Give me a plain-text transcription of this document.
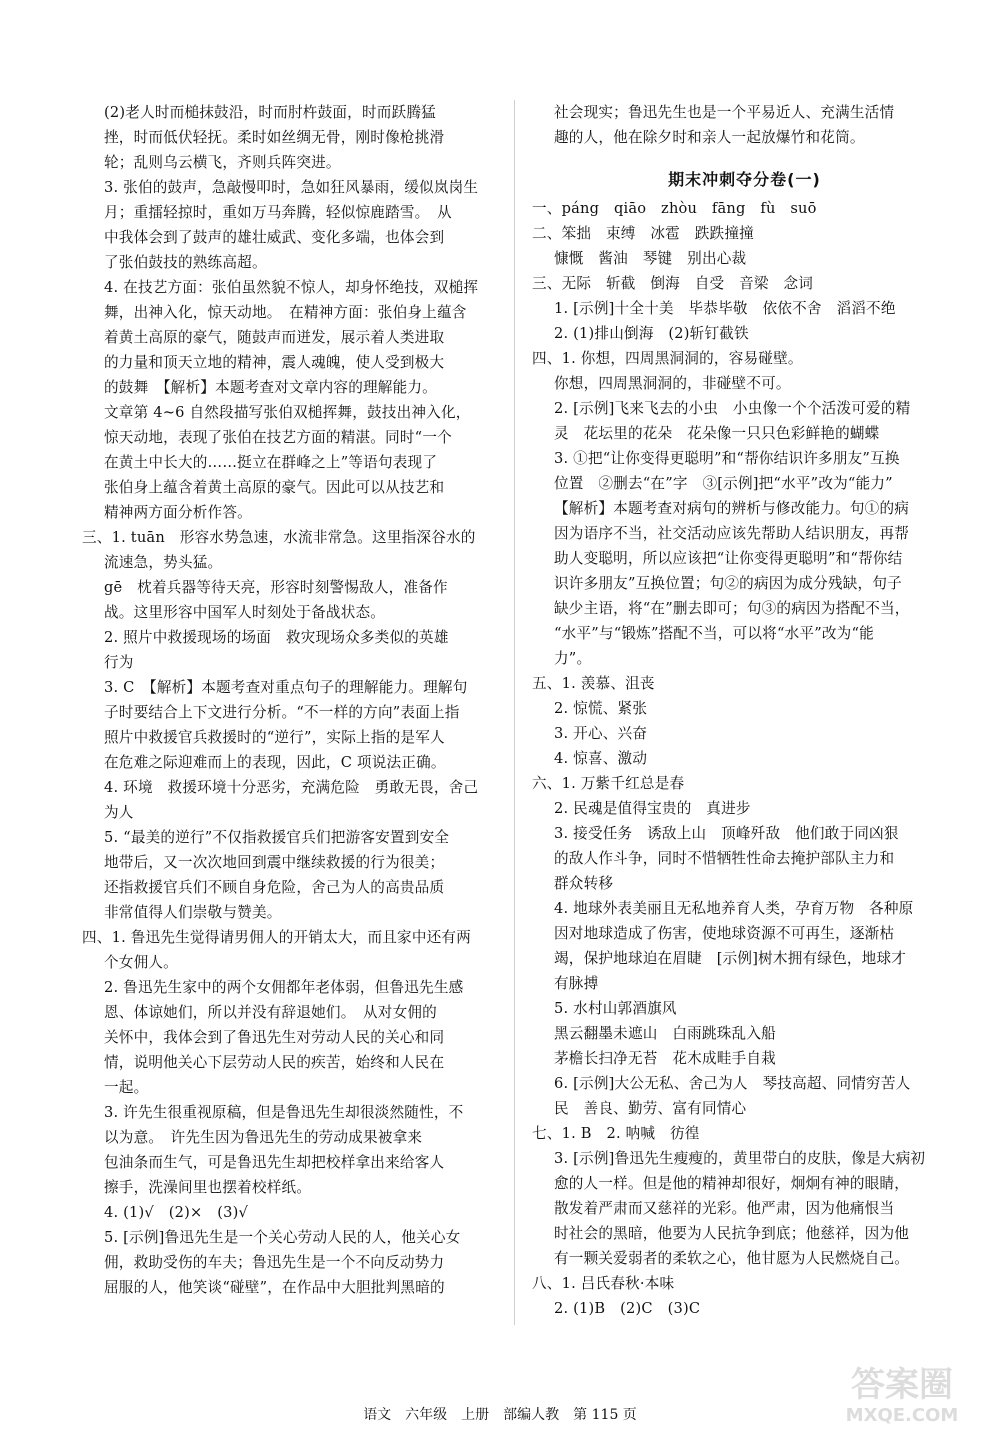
(2)老人时而槌抹鼓沿，时而肘杵鼓面，时而跃腾猛
挫，时而低伏轻抚。柔时如丝绸无骨，刚时像枪挑滑
轮；乱则乌云横飞，齐则兵阵突进。
3. 张伯的鼓声，急敲慢叩时，急如狂风暴雨，缓似岚岗生
月；重擂轻掠时，重如万马奔腾，轻似惊鹿踏雪。　从
中我体会到了鼓声的雄壮威武、变化多端，也体会到
了张伯鼓技的熟练高超。
4. 在技艺方面：张伯虽然貌不惊人，却身怀绝技，双槌挥
舞，出神入化，惊天动地。　在精神方面：张伯身上蕴含
着黄土高原的豪气，随鼓声而迸发，展示着人类进取
的力量和顶天立地的精神，震人魂魄，使人受到极大
的鼓舞　【解析】本题考查对文章内容的理解能力。
文章第 4~6 自然段描写张伯双槌挥舞，鼓技出神入化，
惊天动地，表现了张伯在技艺方面的精湛。同时“一个
在黄土中长大的……挺立在群峰之上”等语句表现了
张伯身上蕴含着黄土高原的豪气。因此可以从技艺和
精神两方面分析作答。
三、1. tuān　形容水势急速，水流非常急。这里指深谷水的
流速急，势头猛。
gē　枕着兵器等待天亮，形容时刻警惕敌人，准备作
战。这里形容中国军人时刻处于备战状态。
2. 照片中救援现场的场面　救灾现场众多类似的英雄
行为
3. C　【解析】本题考查对重点句子的理解能力。理解句
子时要结合上下文进行分析。“不一样的方向”表面上指
照片中救援官兵救援时的“逆行”，实际上指的是军人
在危难之际迎难而上的表现，因此，C 项说法正确。
4. 环境　救援环境十分恶劣，充满危险　勇敢无畏，舍己
为人
5. “最美的逆行”不仅指救援官兵们把游客安置到安全
地带后，又一次次地回到震中继续救援的行为很美；
还指救援官兵们不顾自身危险，舍己为人的高贵品质
非常值得人们崇敬与赞美。
四、1. 鲁迅先生觉得请男佣人的开销太大，而且家中还有两
个女佣人。
2. 鲁迅先生家中的两个女佣都年老体弱，但鲁迅先生感
恩、体谅她们，所以并没有辞退她们。　从对女佣的
关怀中，我体会到了鲁迅先生对劳动人民的关心和同
情，说明他关心下层劳动人民的疾苦，始终和人民在
一起。
3. 许先生很重视原稿，但是鲁迅先生却很淡然随性，不
以为意。　许先生因为鲁迅先生的劳动成果被拿来
包油条而生气，可是鲁迅先生却把校样拿出来给客人
擦手，洗澡间里也摆着校样纸。
4. (1)√　(2)×　(3)√
5. [示例]鲁迅先生是一个关心劳动人民的人，他关心女
佣，救助受伤的车夫；鲁迅先生是一个不向反动势力
屈服的人，他笑谈“碰壁”，在作品中大胆批判黑暗的
社会现实；鲁迅先生也是一个平易近人、充满生活情
趣的人，他在除夕时和亲人一起放爆竹和花筒。
期末冲刺夺分卷(一)
一、páng　qiāo　zhòu　fāng　fù　suō
二、笨拙　束缚　冰雹　跌跌撞撞
慷慨　酱油　琴键　别出心裁
三、无际　斩截　倒海　自受　音梁　念词
1. [示例]十全十美　毕恭毕敬　依依不舍　滔滔不绝
2. (1)排山倒海　(2)斩钉截铁
四、1. 你想，四周黑洞洞的，容易碰壁。
你想，四周黑洞洞的，非碰壁不可。
2. [示例]飞来飞去的小虫　小虫像一个个活泼可爱的精
灵　花坛里的花朵　花朵像一只只色彩鲜艳的蝴蝶
3. ①把“让你变得更聪明”和“帮你结识许多朋友”互换
位置　②删去“在”字　③[示例]把“水平”改为“能力”
【解析】本题考查对病句的辨析与修改能力。句①的病
因为语序不当，社交活动应该先帮助人结识朋友，再帮
助人变聪明，所以应该把“让你变得更聪明”和“帮你结
识许多朋友”互换位置；句②的病因为成分残缺，句子
缺少主语，将“在”删去即可；句③的病因为搭配不当，
“水平”与“锻炼”搭配不当，可以将“水平”改为“能
力”。
五、1. 羡慕、沮丧
2. 惊慌、紧张
3. 开心、兴奋
4. 惊喜、激动
六、1. 万紫千红总是春
2. 民魂是值得宝贵的　真进步
3. 接受任务　诱敌上山　顶峰歼敌　他们敢于同凶狠
的敌人作斗争，同时不惜牺牲性命去掩护部队主力和
群众转移
4. 地球外表美丽且无私地养育人类，孕育万物　各种原
因对地球造成了伤害，使地球资源不可再生，逐渐枯
竭，保护地球迫在眉睫　[示例]树木拥有绿色，地球才
有脉搏
5. 水村山郭酒旗风
黑云翻墨未遮山　白雨跳珠乱入船
茅檐长扫净无苔　花木成畦手自栽
6. [示例]大公无私、舍己为人　琴技高超、同情穷苦人
民　善良、勤劳、富有同情心
七、1. B　2. 呐喊　彷徨
3. [示例]鲁迅先生瘦瘦的，黄里带白的皮肤，像是大病初
愈的人一样。但是他的精神却很好，炯炯有神的眼睛，
散发着严肃而又慈祥的光彩。他严肃，因为他痛恨当
时社会的黑暗，他要为人民抗争到底；他慈祥，因为他
有一颗关爱弱者的柔软之心，他甘愿为人民燃烧自己。
八、1. 吕氏春秋·本味
2. (1)B　(2)C　(3)C
语文　六年级　上册　部编人教　第 115 页
答案圈
MXQE.COM
